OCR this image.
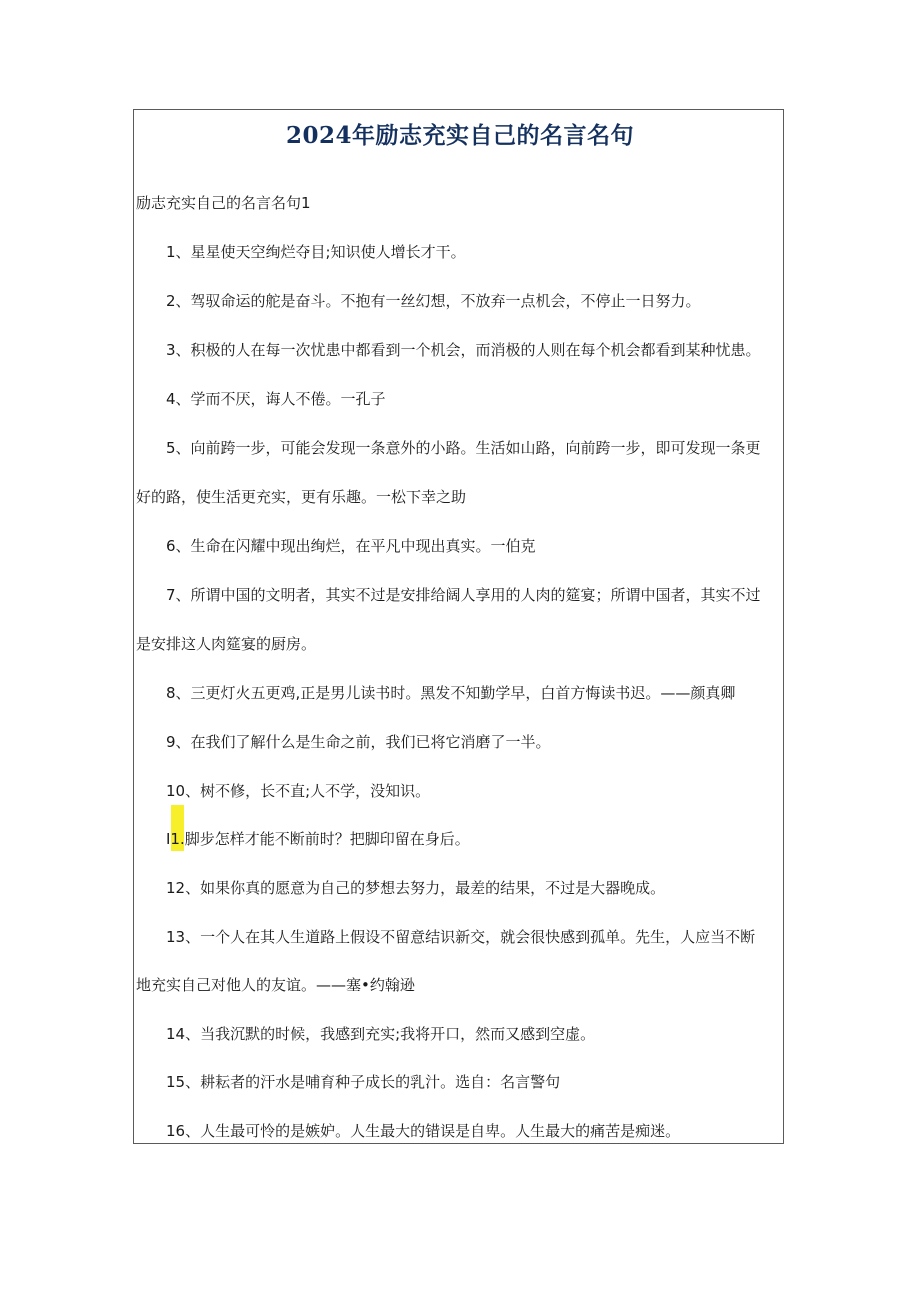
2024年励志充实自己的名言名句
励志充实自己的名言名句1
1、星星使天空绚烂夺目;知识使人增长才干。
2、驾驭命运的舵是奋斗。不抱有一丝幻想，不放弃一点机会，不停止一日努力。
3、积极的人在每一次忧患中都看到一个机会，而消极的人则在每个机会都看到某种忧患。
4、学而不厌，诲人不倦。一孔子
5、向前跨一步，可能会发现一条意外的小路。生活如山路，向前跨一步，即可发现一条更
好的路，使生活更充实，更有乐趣。一松下幸之助
6、生命在闪耀中现出绚烂，在平凡中现出真实。一伯克
7、所谓中国的文明者，其实不过是安排给阔人享用的人肉的筵宴；所谓中国者，其实不过
是安排这人肉筵宴的厨房。
8、三更灯火五更鸡,正是男儿读书时。黑发不知勤学早，白首方悔读书迟。——颜真卿
9、在我们了解什么是生命之前，我们已将它消磨了一半。
10、树不修，长不直;人不学，没知识。
I1.脚步怎样才能不断前时？把脚印留在身后。
12、如果你真的愿意为自己的梦想去努力，最差的结果，不过是大器晚成。
13、一个人在其人生道路上假设不留意结识新交，就会很快感到孤单。先生，人应当不断
地充实自己对他人的友谊。——塞•约翰逊
14、当我沉默的时候，我感到充实;我将开口，然而又感到空虚。
15、耕耘者的汗水是哺育种子成长的乳汁。选自：名言警句
16、人生最可怜的是嫉妒。人生最大的错误是自卑。人生最大的痛苦是痴迷。
